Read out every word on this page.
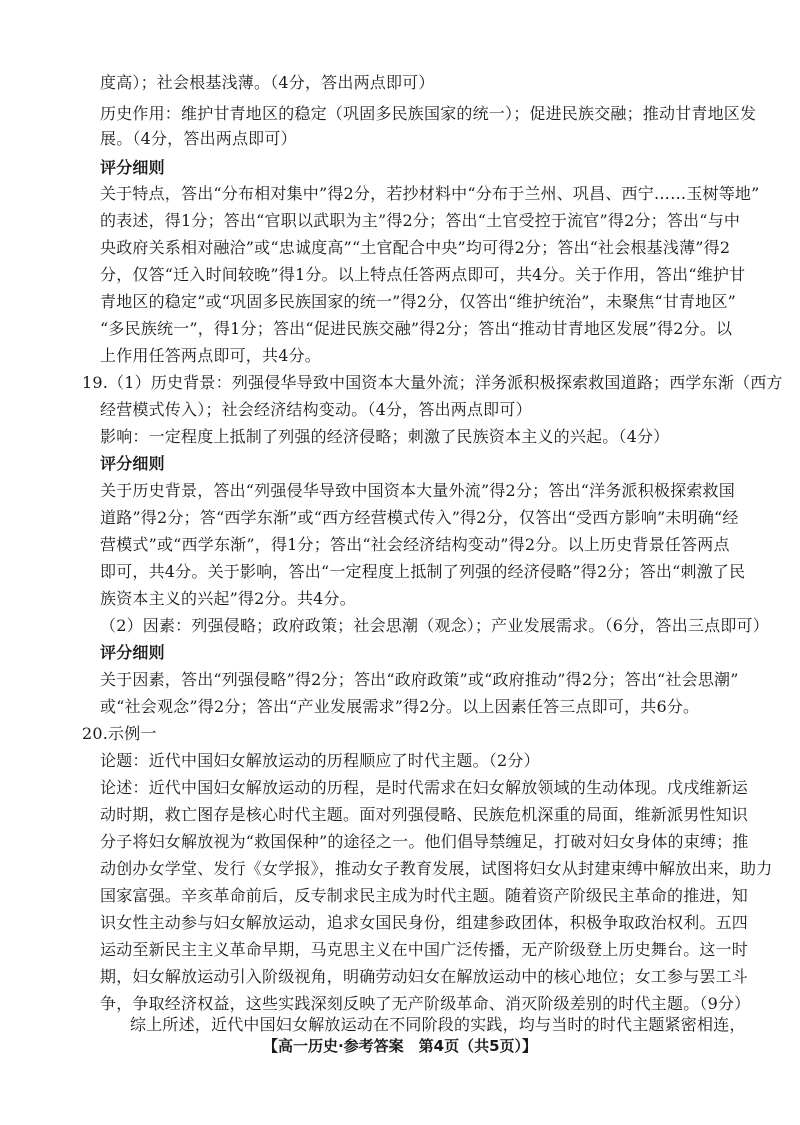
度高）；社会根基浅薄。（4分，答出两点即可）
历史作用：维护甘青地区的稳定（巩固多民族国家的统一）；促进民族交融；推动甘青地区发
展。（4分，答出两点即可）
评分细则
关于特点，答出“分布相对集中”得2分，若抄材料中“分布于兰州、巩昌、西宁……玉树等地”
的表述，得1分；答出“官职以武职为主”得2分；答出“土官受控于流官”得2分；答出“与中
央政府关系相对融洽”或“忠诚度高”“土官配合中央”均可得2分；答出“社会根基浅薄”得2
分，仅答“迁入时间较晚”得1分。以上特点任答两点即可，共4分。关于作用，答出“维护甘
青地区的稳定”或“巩固多民族国家的统一”得2分，仅答出“维护统治”，未聚焦“甘青地区”
“多民族统一”，得1分；答出“促进民族交融”得2分；答出“推动甘青地区发展”得2分。以
上作用任答两点即可，共4分。
19.（1）历史背景：列强侵华导致中国资本大量外流；洋务派积极探索救国道路；西学东渐（西方
经营模式传入）；社会经济结构变动。（4分，答出两点即可）
影响：一定程度上抵制了列强的经济侵略；刺激了民族资本主义的兴起。（4分）
评分细则
关于历史背景，答出“列强侵华导致中国资本大量外流”得2分；答出“洋务派积极探索救国
道路”得2分；答“西学东渐”或“西方经营模式传入”得2分，仅答出“受西方影响”未明确“经
营模式”或“西学东渐”，得1分；答出“社会经济结构变动”得2分。以上历史背景任答两点
即可，共4分。关于影响，答出“一定程度上抵制了列强的经济侵略”得2分；答出“刺激了民
族资本主义的兴起”得2分。共4分。
（2）因素：列强侵略；政府政策；社会思潮（观念）；产业发展需求。（6分，答出三点即可）
评分细则
关于因素，答出“列强侵略”得2分；答出“政府政策”或“政府推动”得2分；答出“社会思潮”
或“社会观念”得2分；答出“产业发展需求”得2分。以上因素任答三点即可，共6分。
20.示例一
论题：近代中国妇女解放运动的历程顺应了时代主题。（2分）
论述：近代中国妇女解放运动的历程，是时代需求在妇女解放领域的生动体现。戊戌维新运
动时期，救亡图存是核心时代主题。面对列强侵略、民族危机深重的局面，维新派男性知识
分子将妇女解放视为“救国保种”的途径之一。他们倡导禁缠足，打破对妇女身体的束缚；推
动创办女学堂、发行《女学报》，推动女子教育发展，试图将妇女从封建束缚中解放出来，助力
国家富强。辛亥革命前后，反专制求民主成为时代主题。随着资产阶级民主革命的推进，知
识女性主动参与妇女解放运动，追求女国民身份，组建参政团体，积极争取政治权利。五四
运动至新民主主义革命早期，马克思主义在中国广泛传播，无产阶级登上历史舞台。这一时
期，妇女解放运动引入阶级视角，明确劳动妇女在解放运动中的核心地位；女工参与罢工斗
争，争取经济权益，这些实践深刻反映了无产阶级革命、消灭阶级差别的时代主题。（9分）
综上所述，近代中国妇女解放运动在不同阶段的实践，均与当时的时代主题紧密相连，
【高一历史·参考答案　第4页（共5页）】
